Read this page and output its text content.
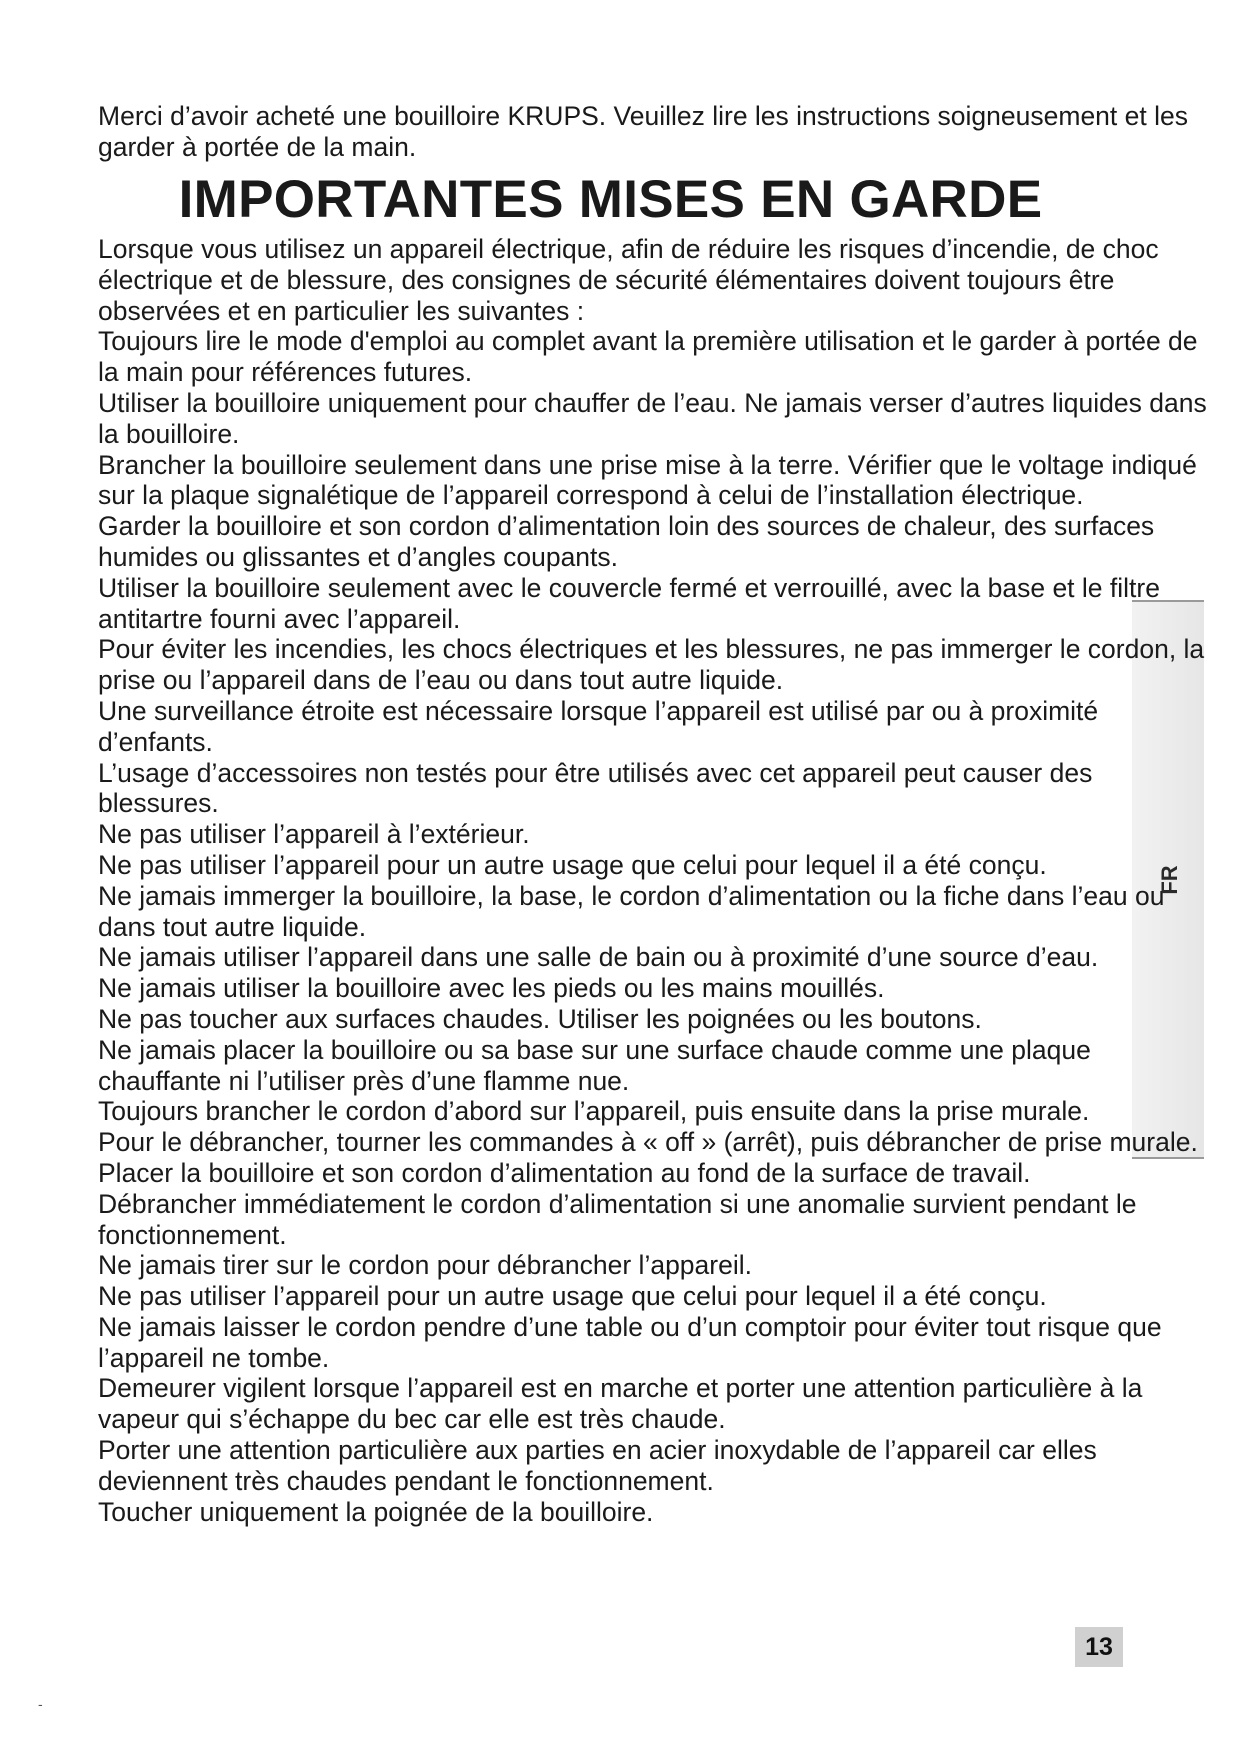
FR

Merci d’avoir acheté une bouilloire KRUPS. Veuillez lire les instructions soigneusement et les garder à portée de la main.

IMPORTANTES MISES EN GARDE
Lorsque vous utilisez un appareil électrique, afin de réduire les risques d’incendie, de choc électrique et de blessure, des consignes de sécurité élémentaires doivent toujours être observées et en particulier les suivantes :
Toujours lire le mode d'emploi au complet avant la première utilisation et le garder à portée de la main pour références futures.
Utiliser la bouilloire uniquement pour chauffer de l’eau. Ne jamais verser d’autres liquides dans la bouilloire.
Brancher la bouilloire seulement dans une prise mise à la terre. Vérifier que le voltage indiqué sur la plaque signalétique de l’appareil correspond à celui de l’installation électrique.
Garder la bouilloire et son cordon d’alimentation loin des sources de chaleur, des surfaces humides ou glissantes et d’angles coupants.
Utiliser la bouilloire seulement avec le couvercle fermé et verrouillé, avec la base et le filtre antitartre fourni avec l’appareil.
Pour éviter les incendies, les chocs électriques et les blessures, ne pas immerger le cordon, la prise ou l’appareil dans de l’eau ou dans tout autre liquide.
Une surveillance étroite est nécessaire lorsque l’appareil est utilisé par ou à proximité d’enfants.
L’usage d’accessoires non testés pour être utilisés avec cet appareil peut causer des blessures.
Ne pas utiliser l’appareil à l’extérieur.
Ne pas utiliser l’appareil pour un autre usage que celui pour lequel il a été conçu.
Ne jamais immerger la bouilloire, la base, le cordon d’alimentation ou la fiche dans l’eau ou dans tout autre liquide.
Ne jamais utiliser l’appareil dans une salle de bain ou à proximité d’une source d’eau.
Ne jamais utiliser la bouilloire avec les pieds ou les mains mouillés.
Ne pas toucher aux surfaces chaudes. Utiliser les poignées ou les boutons.
Ne jamais placer la bouilloire ou sa base sur une surface chaude comme une plaque chauffante ni l’utiliser près d’une flamme nue.
Toujours brancher le cordon d’abord sur l’appareil, puis ensuite dans la prise murale.
Pour le débrancher, tourner les commandes à « off » (arrêt), puis débrancher de prise murale.
Placer la bouilloire et son cordon d’alimentation au fond de la surface de travail.
Débrancher immédiatement le cordon d’alimentation si une anomalie survient pendant le fonctionnement.
Ne jamais tirer sur le cordon pour débrancher l’appareil.
Ne pas utiliser l’appareil pour un autre usage que celui pour lequel il a été conçu.
Ne jamais laisser le cordon pendre d’une table ou d’un comptoir pour éviter tout risque que l’appareil ne tombe.
Demeurer vigilent lorsque l’appareil est en marche et porter une attention particulière à la vapeur qui s’échappe du bec car elle est très chaude.
Porter une attention particulière aux parties en acier inoxydable de l’appareil car elles deviennent très chaudes pendant le fonctionnement.
Toucher uniquement la poignée de la bouilloire.
13
-
